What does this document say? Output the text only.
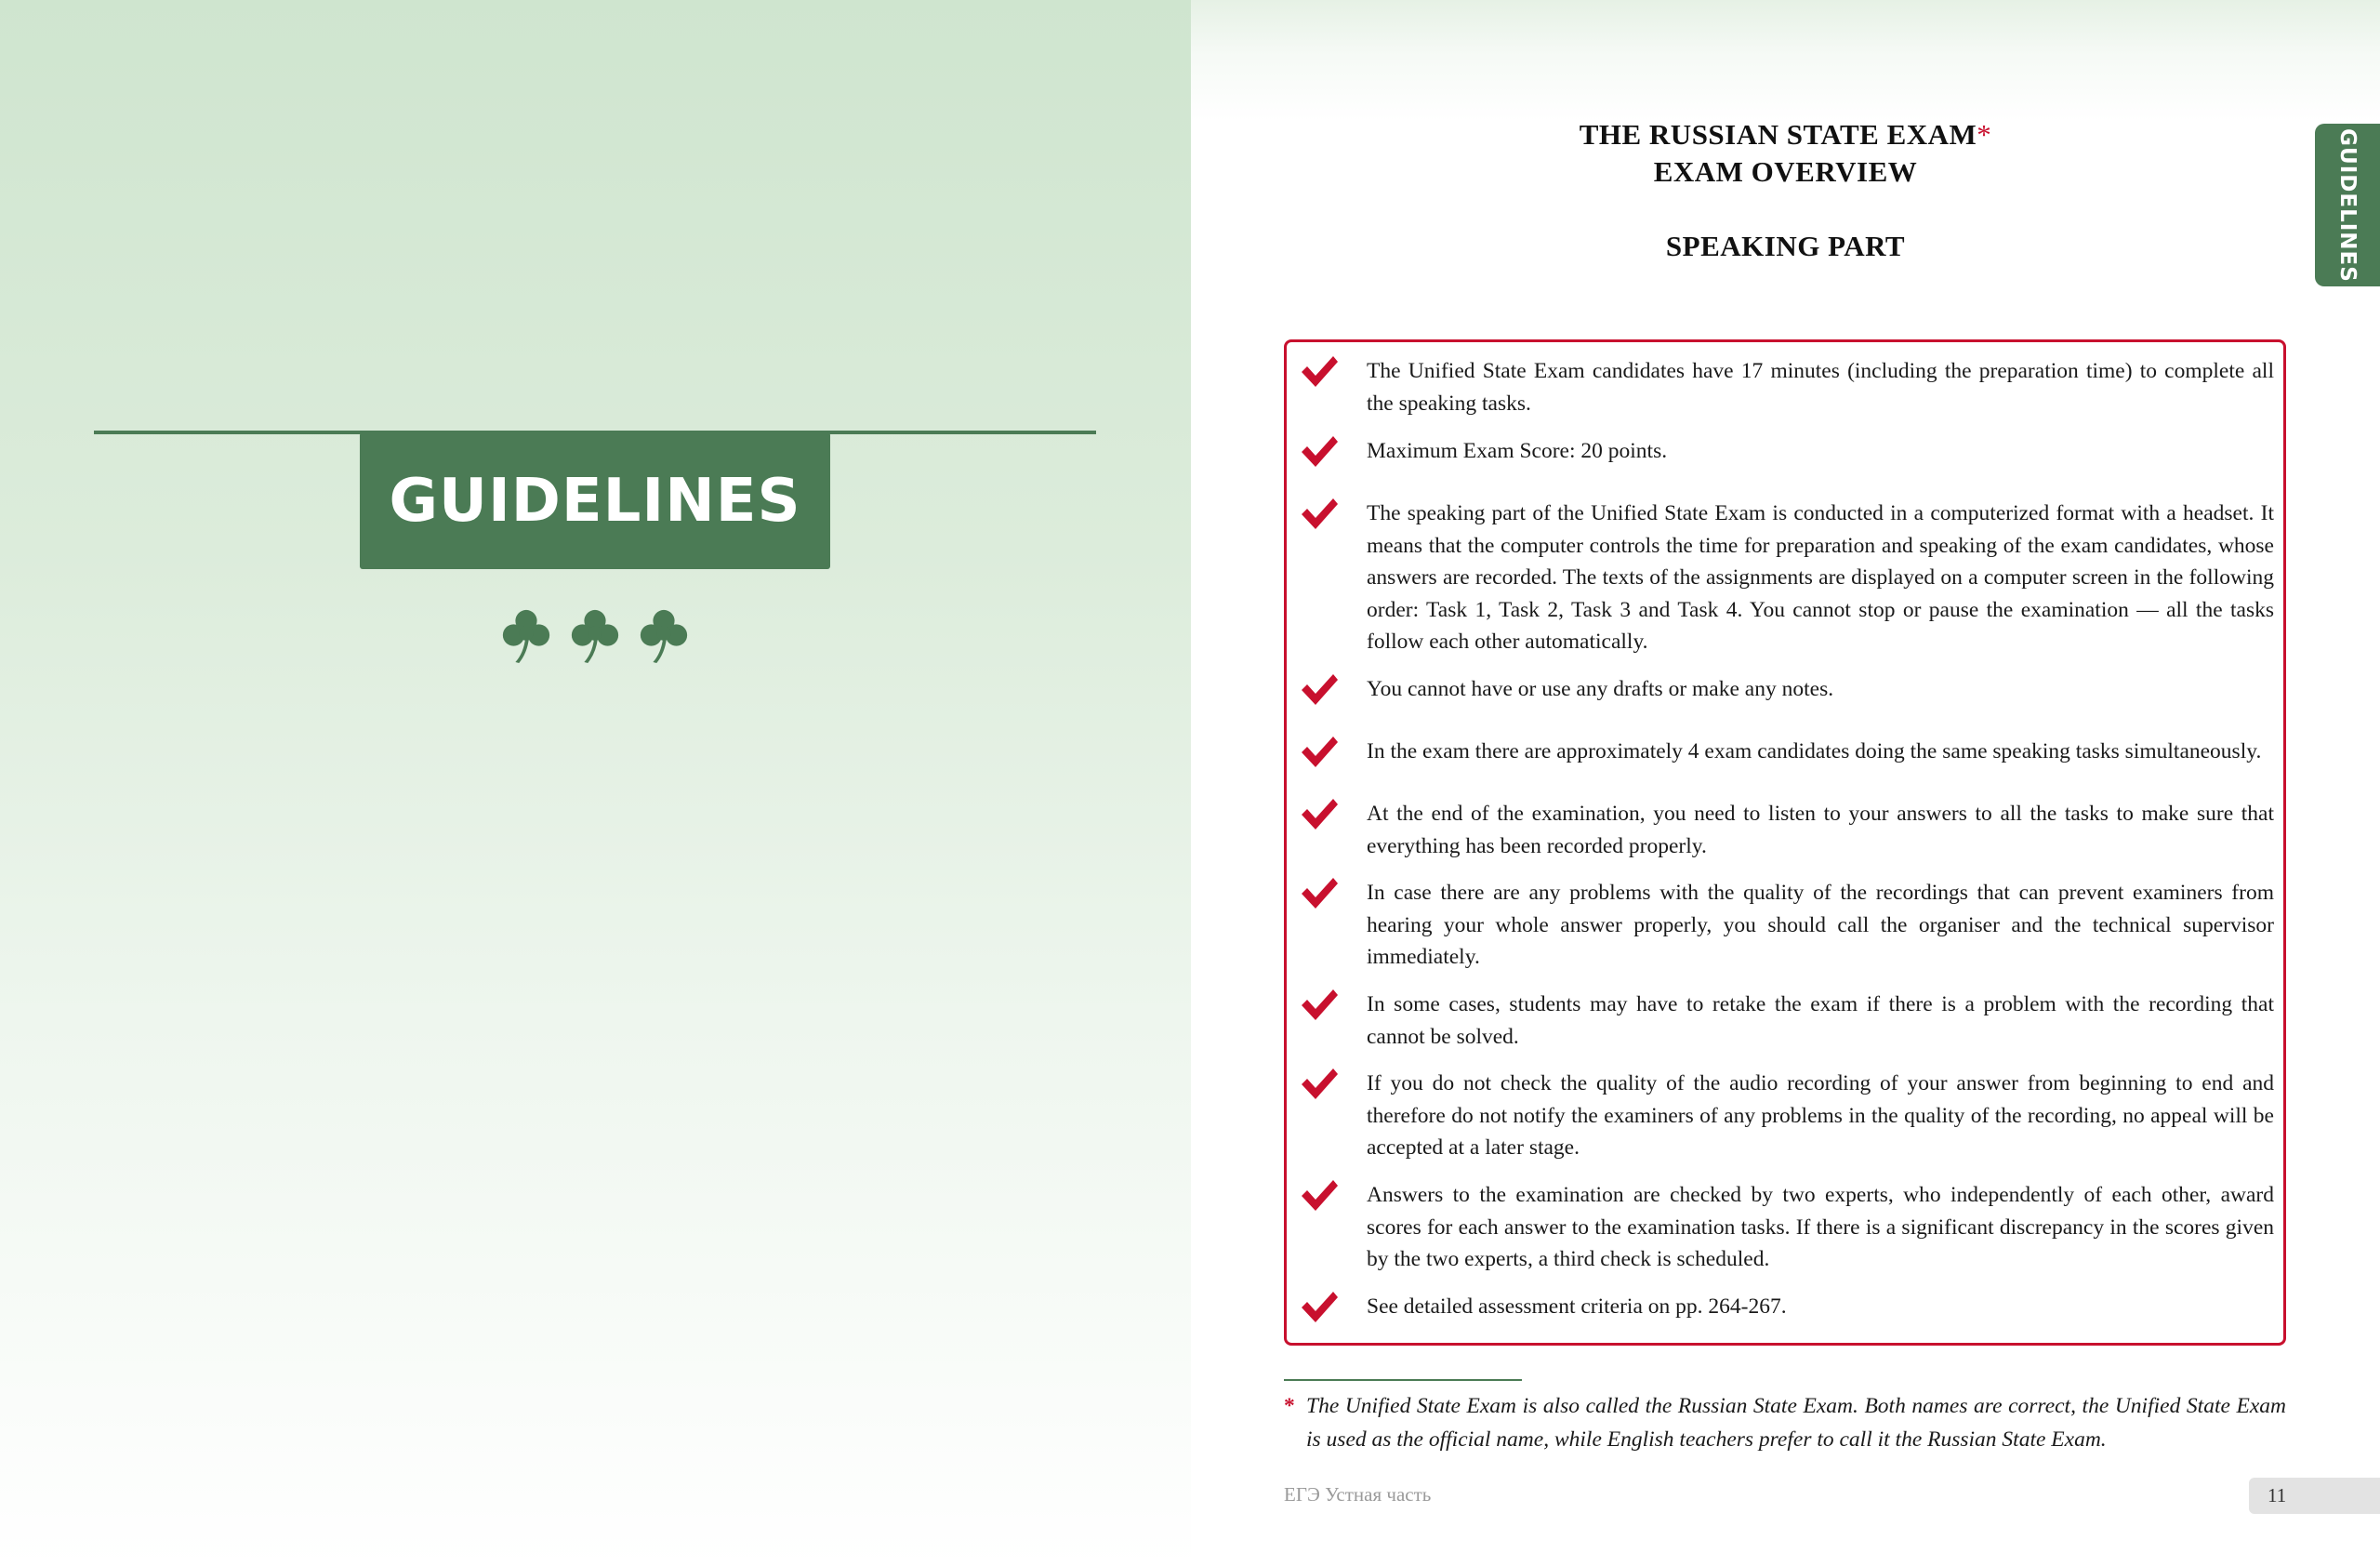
GUIDELINES
GUIDELINES
THE RUSSIAN STATE EXAM*
EXAM OVERVIEW
SPEAKING PART
The Unified State Exam candidates have 17 minutes (including the preparation time) to complete all the speaking tasks.
Maximum Exam Score: 20 points.
The speaking part of the Unified State Exam is conducted in a computerized format with a headset. It means that the computer controls the time for preparation and speaking of the exam candidates, whose answers are recorded. The texts of the assignments are displayed on a computer screen in the following order: Task 1, Task 2, Task 3 and Task 4. You cannot stop or pause the examination — all the tasks follow each other automatically.
You cannot have or use any drafts or make any notes.
In the exam there are approximately 4 exam candidates doing the same speaking tasks simultaneously.
At the end of the examination, you need to listen to your answers to all the tasks to make sure that everything has been recorded properly.
In case there are any problems with the quality of the recordings that can prevent examiners from hearing your whole answer properly, you should call the organiser and the technical supervisor immediately.
In some cases, students may have to retake the exam if there is a problem with the recording that cannot be solved.
If you do not check the quality of the audio recording of your answer from beginning to end and therefore do not notify the examiners of any problems in the quality of the recording, no appeal will be accepted at a later stage.
Answers to the examination are checked by two experts, who independently of each other, award scores for each answer to the examination tasks. If there is a significant discrepancy in the scores given by the two experts, a third check is scheduled.
See detailed assessment criteria on pp. 264-267.
* The Unified State Exam is also called the Russian State Exam. Both names are correct, the Unified State Exam is used as the official name, while English teachers prefer to call it the Russian State Exam.
ЕГЭ Устная часть	11
